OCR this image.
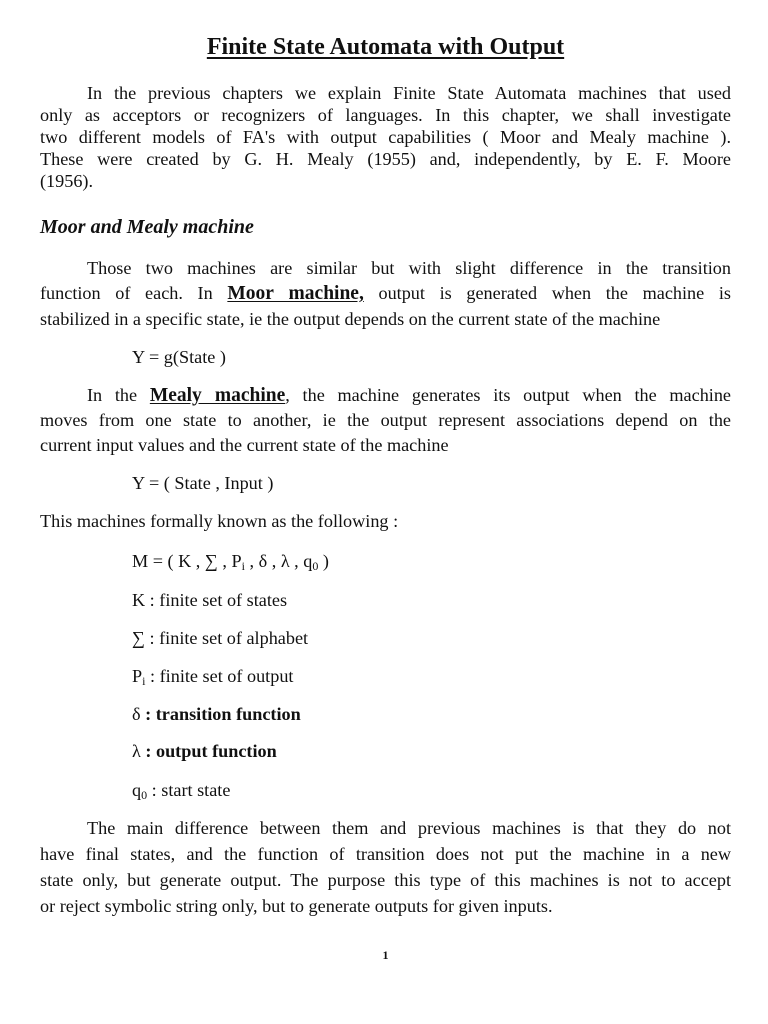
Finite State Automata with Output

In the previous chapters we explain Finite State Automata machines that used

only as acceptors or recognizers of languages. In this chapter, we shall investigate

two different models of FA's with output capabilities ( Moor and Mealy machine ).

These were created by G. H. Mealy (1955) and, independently, by E. F. Moore

(1956).

Moor and Mealy machine

Those two machines are similar but with slight difference in the transition

function of each. In Moor machine, output is generated when the machine is

stabilized in a specific state, ie the output depends on the current state of the machine

Y = g(State )

In the Mealy machine, the machine generates its output when the machine

moves from one state to another, ie the output represent associations depend on the

current input values and the current state of the machine

Y = ( State , Input )

This machines formally known as the following :

M = ( K , ∑ , $P_i$ , δ , λ , $q_0$ )

K : finite set of states

∑ : finite set of alphabet

$P_i$ : finite set of output

δ : transition function

λ : output function

$q_0$ : start state

The main difference between them and previous machines is that they do not

have final states, and the function of transition does not put the machine in a new

state only, but generate output. The purpose this type of this machines is not to accept

or reject symbolic string only, but to generate outputs for given inputs.

1
